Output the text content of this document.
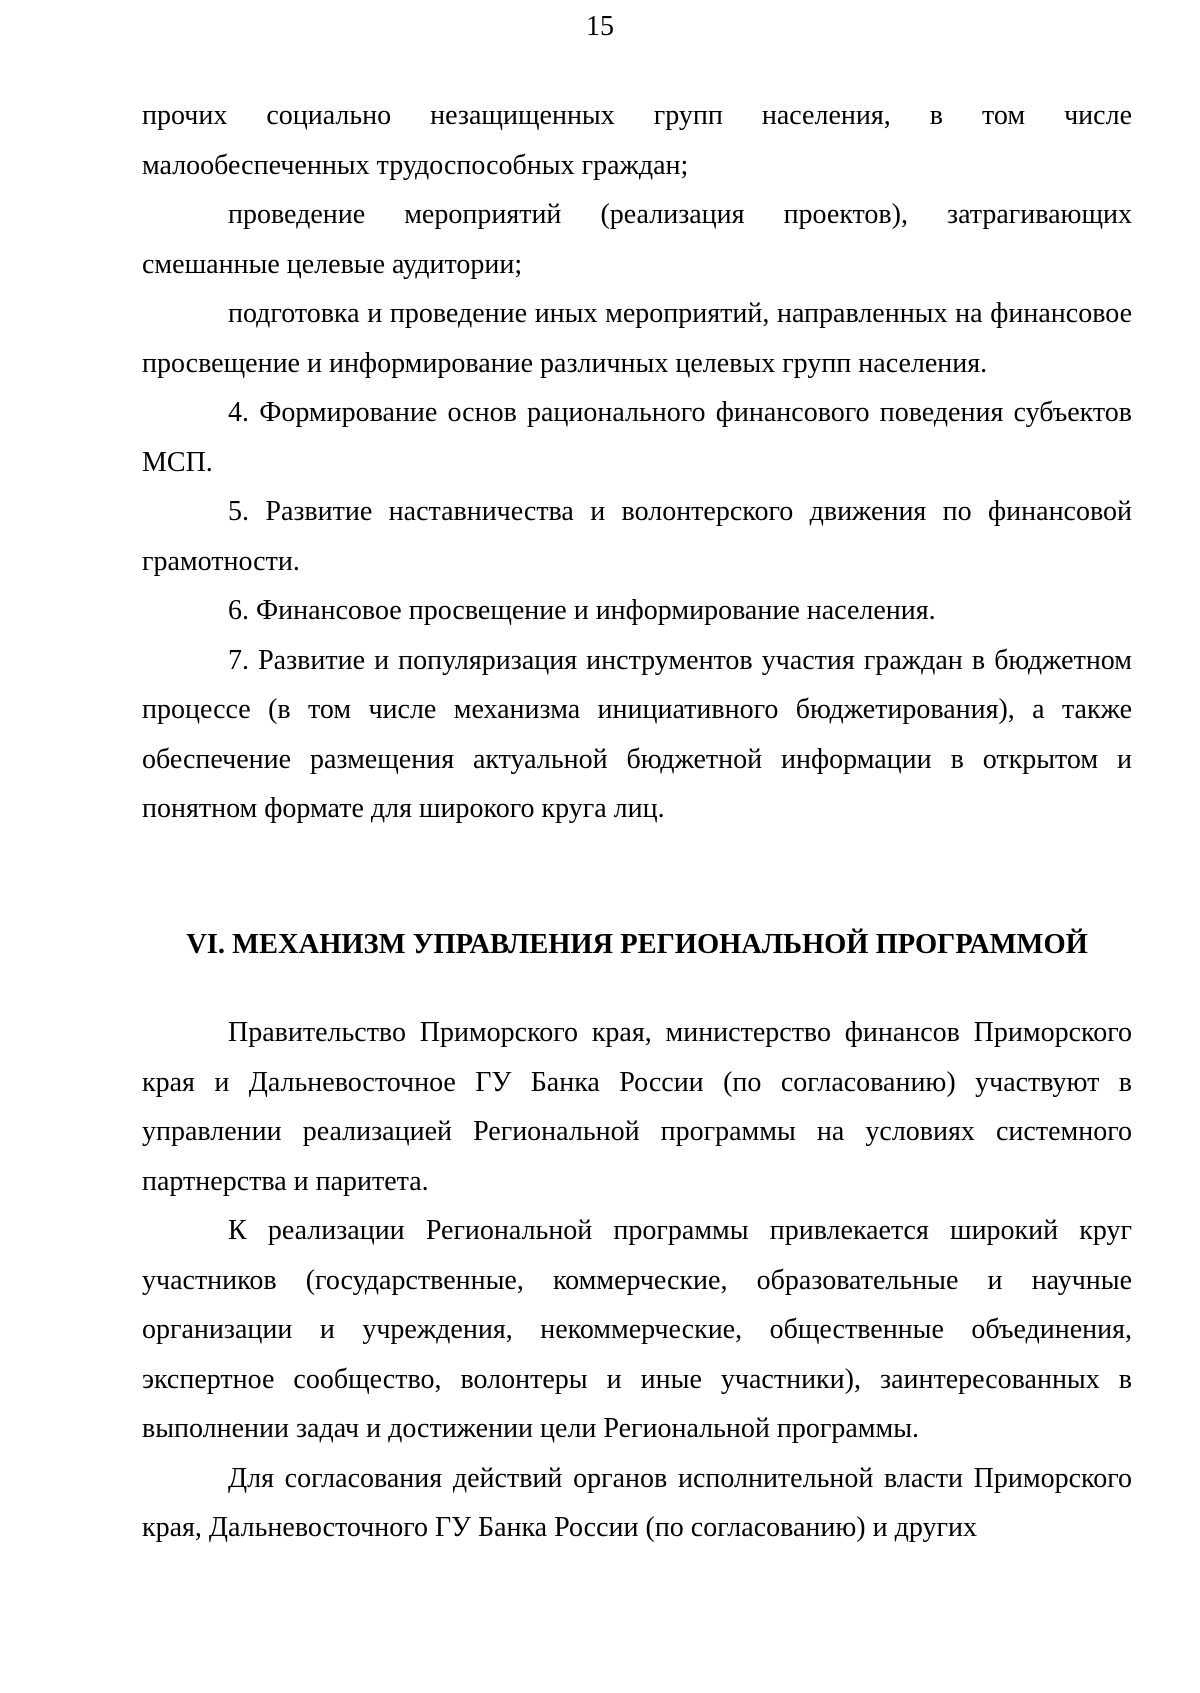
15

прочих социально незащищенных групп населения, в том числе малообеспеченных трудоспособных граждан;

проведение мероприятий (реализация проектов), затрагивающих смешанные целевые аудитории;

подготовка и проведение иных мероприятий, направленных на финансовое просвещение и информирование различных целевых групп населения.

4. Формирование основ рационального финансового поведения субъектов МСП.

5. Развитие наставничества и волонтерского движения по финансовой грамотности.

6. Финансовое просвещение и информирование населения.

7. Развитие и популяризация инструментов участия граждан в бюджетном процессе (в том числе механизма инициативного бюджетирования), а также обеспечение размещения актуальной бюджетной информации в открытом и понятном формате для широкого круга лиц.

VI. МЕХАНИЗМ УПРАВЛЕНИЯ РЕГИОНАЛЬНОЙ ПРОГРАММОЙ

Правительство Приморского края, министерство финансов Приморского края и Дальневосточное ГУ Банка России (по согласованию) участвуют в управлении реализацией Региональной программы на условиях системного партнерства и паритета.

К реализации Региональной программы привлекается широкий круг участников (государственные, коммерческие, образовательные и научные организации и учреждения, некоммерческие, общественные объединения, экспертное сообщество, волонтеры и иные участники), заинтересованных в выполнении задач и достижении цели Региональной программы.

Для согласования действий органов исполнительной власти Приморского края, Дальневосточного ГУ Банка России (по согласованию) и других
